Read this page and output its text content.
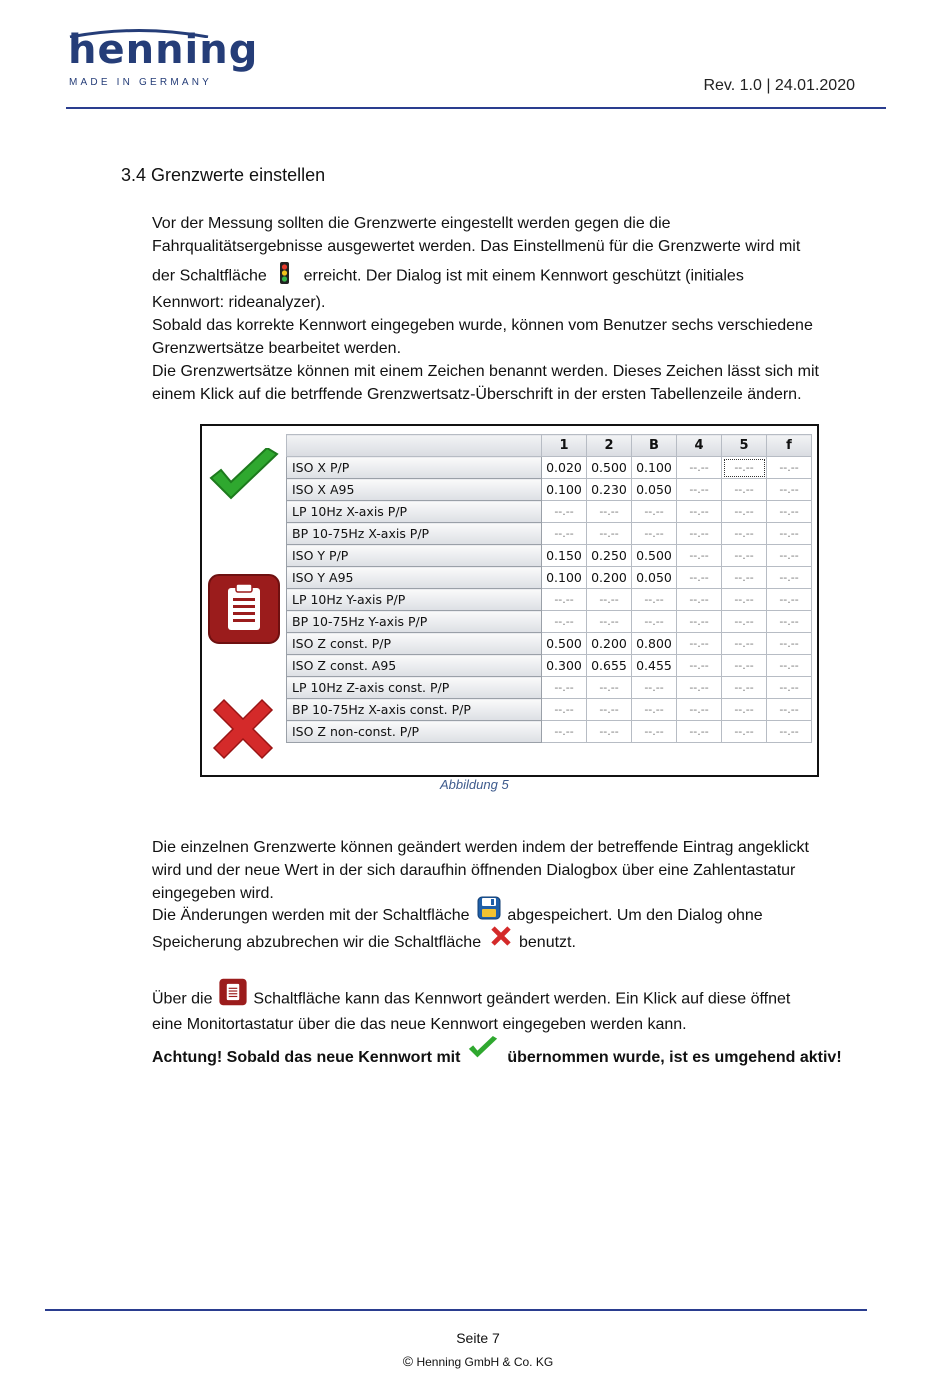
henning
MADE IN GERMANY	Rev. 1.0 | 24.01.2020
3.4 Grenzwerte einstellen
Vor der Messung sollten die Grenzwerte eingestellt werden gegen die die
Fahrqualitätsergebnisse ausgewertet werden. Das Einstellmenü für die Grenzwerte wird mit
der Schaltfläche erreicht. Der Dialog ist mit einem Kennwort geschützt (initiales
Kennwort: rideanalyzer).
Sobald das korrekte Kennwort eingegeben wurde, können vom Benutzer sechs verschiedene
Grenzwertsätze bearbeitet werden.
Die Grenzwertsätze können mit einem Zeichen benannt werden. Dieses Zeichen lässt sich mit
einem Klick auf die betrffende Grenzwertsatz-Überschrift in der ersten Tabellenzeile ändern.
	1	2	B	4	5	f
ISO X P/P	0.020	0.500	0.100	--.--	--.--	--.--
ISO X A95	0.100	0.230	0.050	--.--	--.--	--.--
LP 10Hz X-axis P/P	--.--	--.--	--.--	--.--	--.--	--.--
BP 10-75Hz X-axis P/P	--.--	--.--	--.--	--.--	--.--	--.--
ISO Y P/P	0.150	0.250	0.500	--.--	--.--	--.--
ISO Y A95	0.100	0.200	0.050	--.--	--.--	--.--
LP 10Hz Y-axis P/P	--.--	--.--	--.--	--.--	--.--	--.--
BP 10-75Hz Y-axis P/P	--.--	--.--	--.--	--.--	--.--	--.--
ISO Z const. P/P	0.500	0.200	0.800	--.--	--.--	--.--
ISO Z const. A95	0.300	0.655	0.455	--.--	--.--	--.--
LP 10Hz Z-axis const. P/P	--.--	--.--	--.--	--.--	--.--	--.--
BP 10-75Hz X-axis const. P/P	--.--	--.--	--.--	--.--	--.--	--.--
ISO Z non-const. P/P	--.--	--.--	--.--	--.--	--.--	--.--
Abbildung 5
Die einzelnen Grenzwerte können geändert werden indem der betreffende Eintrag angeklickt
wird und der neue Wert in der sich daraufhin öffnenden Dialogbox über eine Zahlentastatur
eingegeben wird.
Die Änderungen werden mit der Schaltfläche abgespeichert. Um den Dialog ohne
Speicherung abzubrechen wir die Schaltfläche benutzt.
Über die	Schaltfläche kann das Kennwort geändert werden. Ein Klick auf diese öffnet
eine Monitortastatur über die das neue Kennwort eingegeben werden kann.
Achtung! Sobald das neue Kennwort mit	übernommen wurde, ist es umgehend aktiv!
Seite 7
© Henning GmbH & Co. KG
